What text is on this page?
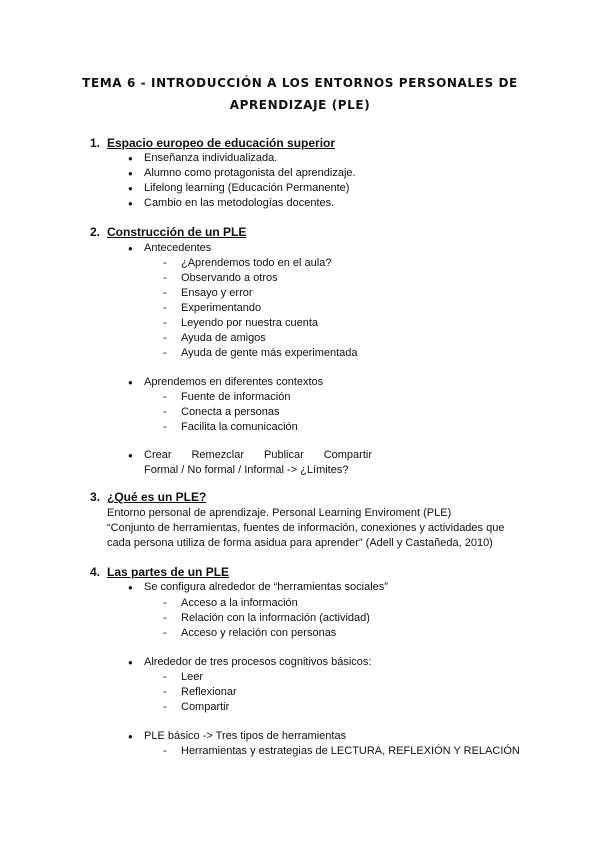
TEMA 6 - INTRODUCCIÓN A LOS ENTORNOS PERSONALES DE
APRENDIZAJE (PLE)
1. Espacio europeo de educación superior
● Enseñanza individualizada.
● Alumno como protagonista del aprendizaje.
● Lifelong learning (Educación Permanente)
● Cambio en las metodologías docentes.
2. Construcción de un PLE
● Antecedentes
- ¿Aprendemos todo en el aula?
- Observando a otros
- Ensayo y error
- Experimentando
- Leyendo por nuestra cuenta
- Ayuda de amigos
- Ayuda de gente más experimentada
● Aprendemos en diferentes contextos
- Fuente de información
- Conecta a personas
- Facilita la comunicación
● Crear Remezclar Publicar Compartir
Formal / No formal / Informal -> ¿Límites?
3. ¿Qué es un PLE?
Entorno personal de aprendizaje. Personal Learning Enviroment (PLE)
“Conjunto de herramientas, fuentes de información, conexiones y actividades que
cada persona utiliza de forma asidua para aprender” (Adell y Castañeda, 2010)
4. Las partes de un PLE
● Se configura alrededor de “herramientas sociales”
- Acceso a la información
- Relación con la información (actividad)
- Acceso y relación con personas
● Alrededor de tres procesos cognitivos básicos:
- Leer
- Reflexionar
- Compartir
● PLE básico -> Tres tipos de herramientas
- Herramientas y estrategias de LECTURA, REFLEXIÓN Y RELACIÓN
